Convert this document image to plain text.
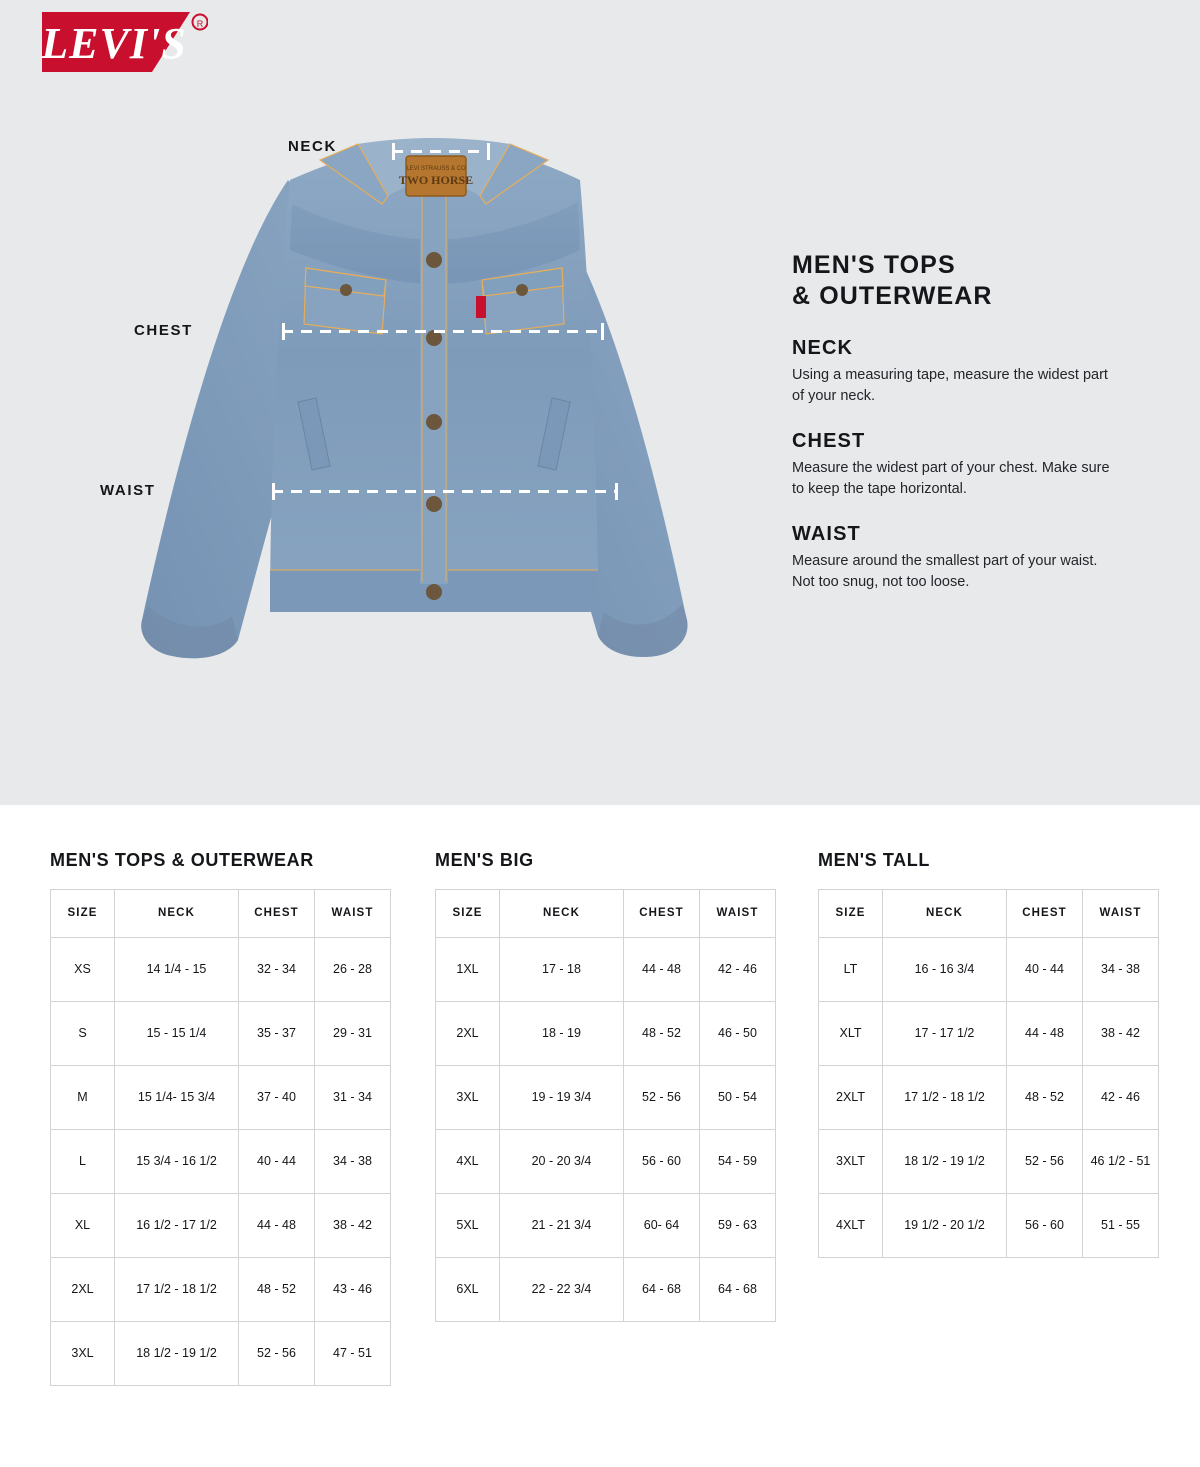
LEVI'S R
LEVI STRAUSS & CO
TWO HORSE
NECK
CHEST
WAIST
MEN'S TOPS
& OUTERWEAR
NECK

Using a measuring tape, measure the widest part of your neck.

CHEST

Measure the widest part of your chest. Make sure to keep the tape horizontal.

WAIST

Measure around the smallest part of your waist. Not too snug, not too loose.

MEN'S TOPS & OUTERWEAR
SIZE	NECK	CHEST	WAIST
XS	14 1/4 - 15	32 - 34	26 - 28
S	15 - 15 1/4	35 - 37	29 - 31
M	15 1/4- 15 3/4	37 - 40	31 - 34
L	15 3/4 - 16 1/2	40 - 44	34 - 38
XL	16 1/2 - 17 1/2	44 - 48	38 - 42
2XL	17 1/2 - 18 1/2	48 - 52	43 - 46
3XL	18 1/2 - 19 1/2	52 - 56	47 - 51
MEN'S BIG
SIZE	NECK	CHEST	WAIST
1XL	17 - 18	44 - 48	42 - 46
2XL	18 - 19	48 - 52	46 - 50
3XL	19 - 19 3/4	52 - 56	50 - 54
4XL	20 - 20 3/4	56 - 60	54 - 59
5XL	21 - 21 3/4	60- 64	59 - 63
6XL	22 - 22 3/4	64 - 68	64 - 68
MEN'S TALL
SIZE	NECK	CHEST	WAIST
LT	16 - 16 3/4	40 - 44	34 - 38
XLT	17 - 17 1/2	44 - 48	38 - 42
2XLT	17 1/2 - 18 1/2	48 - 52	42 - 46
3XLT	18 1/2 - 19 1/2	52 - 56	46 1/2 - 51
4XLT	19 1/2 - 20 1/2	56 - 60	51 - 55
